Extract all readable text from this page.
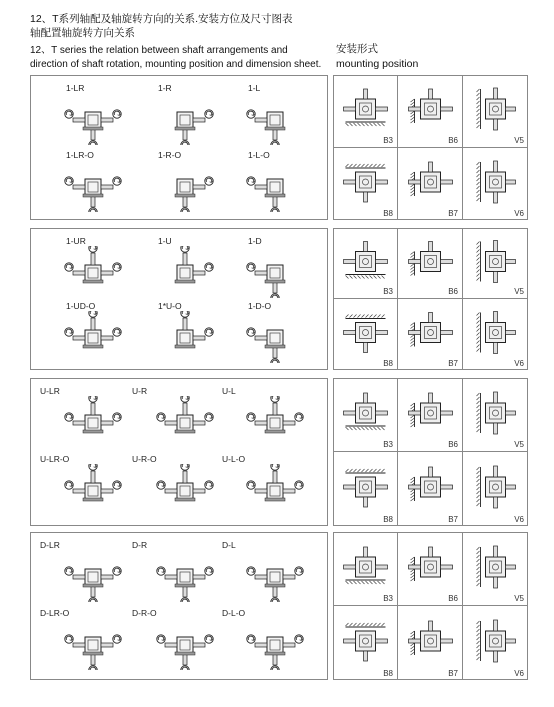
12、T系列轴配及轴旋转方向的关系.安装方位及尺寸图表
轴配置轴旋转方向关系
12、T series the relation between shaft arrangements and
direction of shaft rotation, mounting position and dimension sheet.
安装形式
mounting position
1-LR	1-R	1-L
1-LR-O	1-R-O	1-L-O
1-UR	1-U	1-D
1-UD-O	1*U-O	1-D-O
U-LR	U-R	U-L
U-LR-O	U-R-O	U-L-O
D-LR	D-R	D-L
D-LR-O	D-R-O	D-L-O
B3	B6	V5
B8	B7	V6
B3	B6	V5
B8	B7	V6
B3	B6	V5
B8	B7	V6
B3	B6	V5
B8	B7	V6
